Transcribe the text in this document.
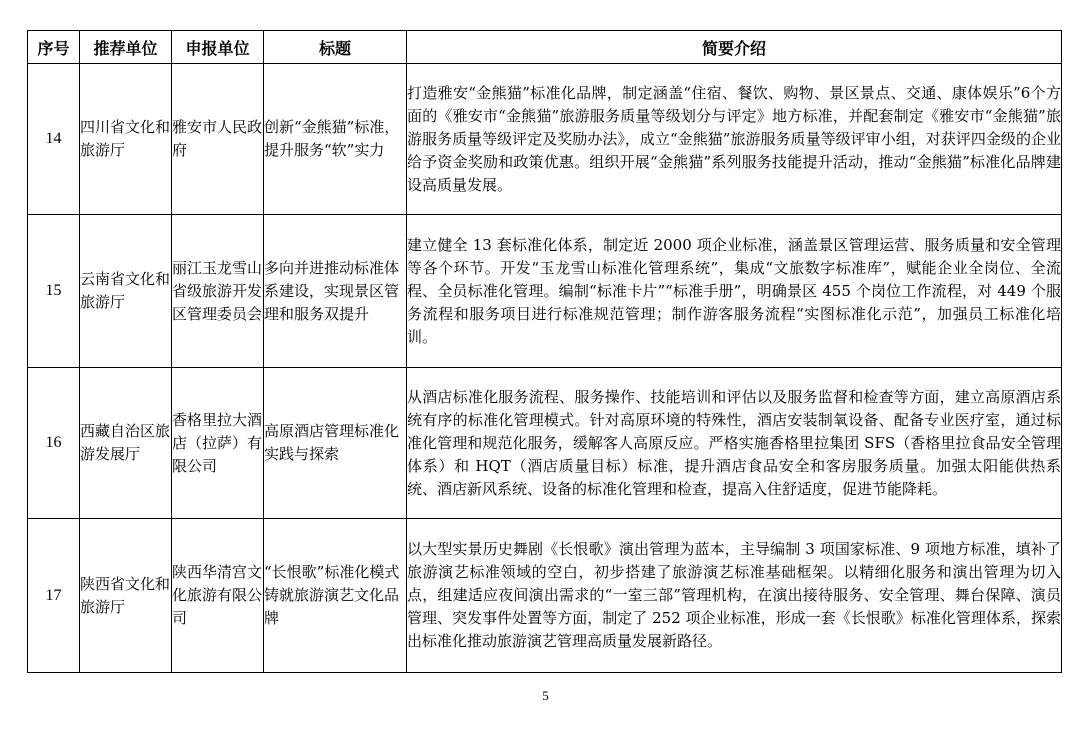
序号	推荐单位	申报单位	标题	简要介绍
14	四川省文化和旅游厅	雅安市人民政府	创新“金熊猫”标准，提升服务“软”实力	打造雅安“金熊猫”标准化品牌，制定涵盖“住宿、餐饮、购物、景区景点、交通、康体娱乐”6个方面的《雅安市“金熊猫”旅游服务质量等级划分与评定》地方标准，并配套制定《雅安市“金熊猫”旅游服务质量等级评定及奖励办法》，成立“金熊猫”旅游服务质量等级评审小组，对获评四金级的企业给予资金奖励和政策优惠。组织开展“金熊猫”系列服务技能提升活动，推动“金熊猫”标准化品牌建设高质量发展。
15	云南省文化和旅游厅	丽江玉龙雪山省级旅游开发区管理委员会	多向并进推动标准体系建设，实现景区管理和服务双提升	建立健全 13 套标准化体系，制定近 2000 项企业标准，涵盖景区管理运营、服务质量和安全管理等各个环节。开发“玉龙雪山标准化管理系统”，集成“文旅数字标准库”，赋能企业全岗位、全流程、全员标准化管理。编制“标准卡片”“标准手册”，明确景区 455 个岗位工作流程，对 449 个服务流程和服务项目进行标准规范管理；制作游客服务流程“实图标准化示范”，加强员工标准化培训。
16	西藏自治区旅游发展厅	香格里拉大酒店（拉萨）有限公司	高原酒店管理标准化实践与探索	从酒店标准化服务流程、服务操作、技能培训和评估以及服务监督和检查等方面，建立高原酒店系统有序的标准化管理模式。针对高原环境的特殊性，酒店安装制氧设备、配备专业医疗室，通过标准化管理和规范化服务，缓解客人高原反应。严格实施香格里拉集团 SFS（香格里拉食品安全管理体系）和 HQT（酒店质量目标）标准，提升酒店食品安全和客房服务质量。加强太阳能供热系统、酒店新风系统、设备的标准化管理和检查，提高入住舒适度，促进节能降耗。
17	陕西省文化和旅游厅	陕西华清宫文化旅游有限公司	“长恨歌”标准化模式铸就旅游演艺文化品牌	以大型实景历史舞剧《长恨歌》演出管理为蓝本，主导编制 3 项国家标准、9 项地方标准，填补了旅游演艺标准领域的空白，初步搭建了旅游演艺标准基础框架。以精细化服务和演出管理为切入点，组建适应夜间演出需求的“一室三部”管理机构，在演出接待服务、安全管理、舞台保障、演员管理、突发事件处置等方面，制定了 252 项企业标准，形成一套《长恨歌》标准化管理体系，探索出标准化推动旅游演艺管理高质量发展新路径。
5
